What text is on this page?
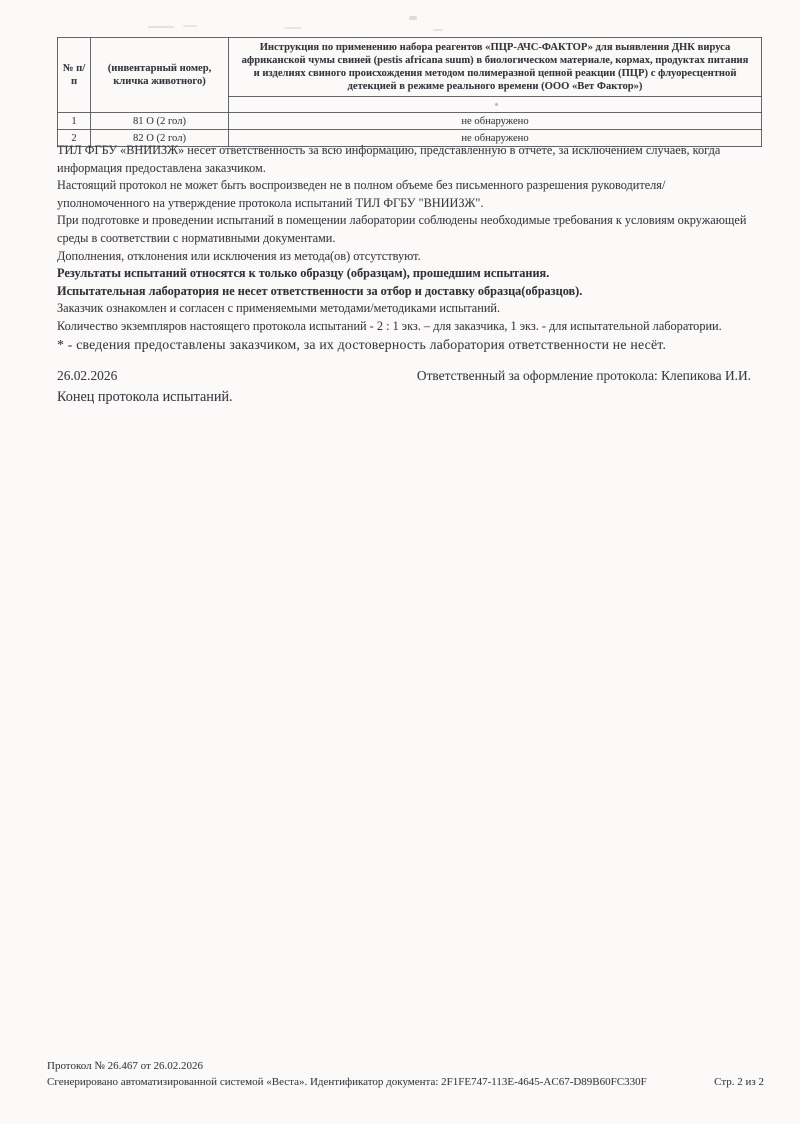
№ п/п	(инвентарный номер, кличка животного)	Инструкция по применению набора реагентов «ПЦР-АЧС-ФАКТОР» для выявления ДНК вируса африканской чумы свиней (pestis africana suum) в биологическом материале, кормах, продуктах питания и изделиях свиного происхождения методом полимеразной цепной реакции (ПЦР) с флуоресцентной детекцией в режиме реального времени (ООО «Вет Фактор»)

1	81 О (2 гол)	не обнаружено
2	82 О (2 гол)	не обнаружено

ТИЛ ФГБУ «ВНИИЗЖ» несет ответственность за всю информацию, представленную в отчете, за исключением случаев, когда информация предоставлена заказчиком.

Настоящий протокол не может быть воспроизведен не в полном объеме без письменного разрешения руководителя/ уполномоченного на утверждение протокола испытаний ТИЛ ФГБУ "ВНИИЗЖ".

При подготовке и проведении испытаний в помещении лаборатории соблюдены необходимые требования к условиям окружающей среды в соответствии с нормативными документами.

Дополнения, отклонения или исключения из метода(ов) отсутствуют.

Результаты испытаний относятся к только образцу (образцам), прошедшим испытания.

Испытательная лаборатория не несет ответственности за отбор и доставку образца(образцов).

Заказчик ознакомлен и согласен с применяемыми методами/методиками испытаний.

Количество экземпляров настоящего протокола испытаний - 2 : 1 экз. – для заказчика, 1 экз. - для испытательной лаборатории.

* - сведения предоставлены заказчиком, за их достоверность лаборатория ответственности не несёт.

26.02.2026	Ответственный за оформление протокола: Клепикова И.И.
Конец протокола испытаний.
Протокол № 26.467 от 26.02.2026
Сгенерировано автоматизированной системой «Веста». Идентификатор документа: 2F1FE747-113E-4645-AC67-D89B60FC330F	Стр. 2 из 2
